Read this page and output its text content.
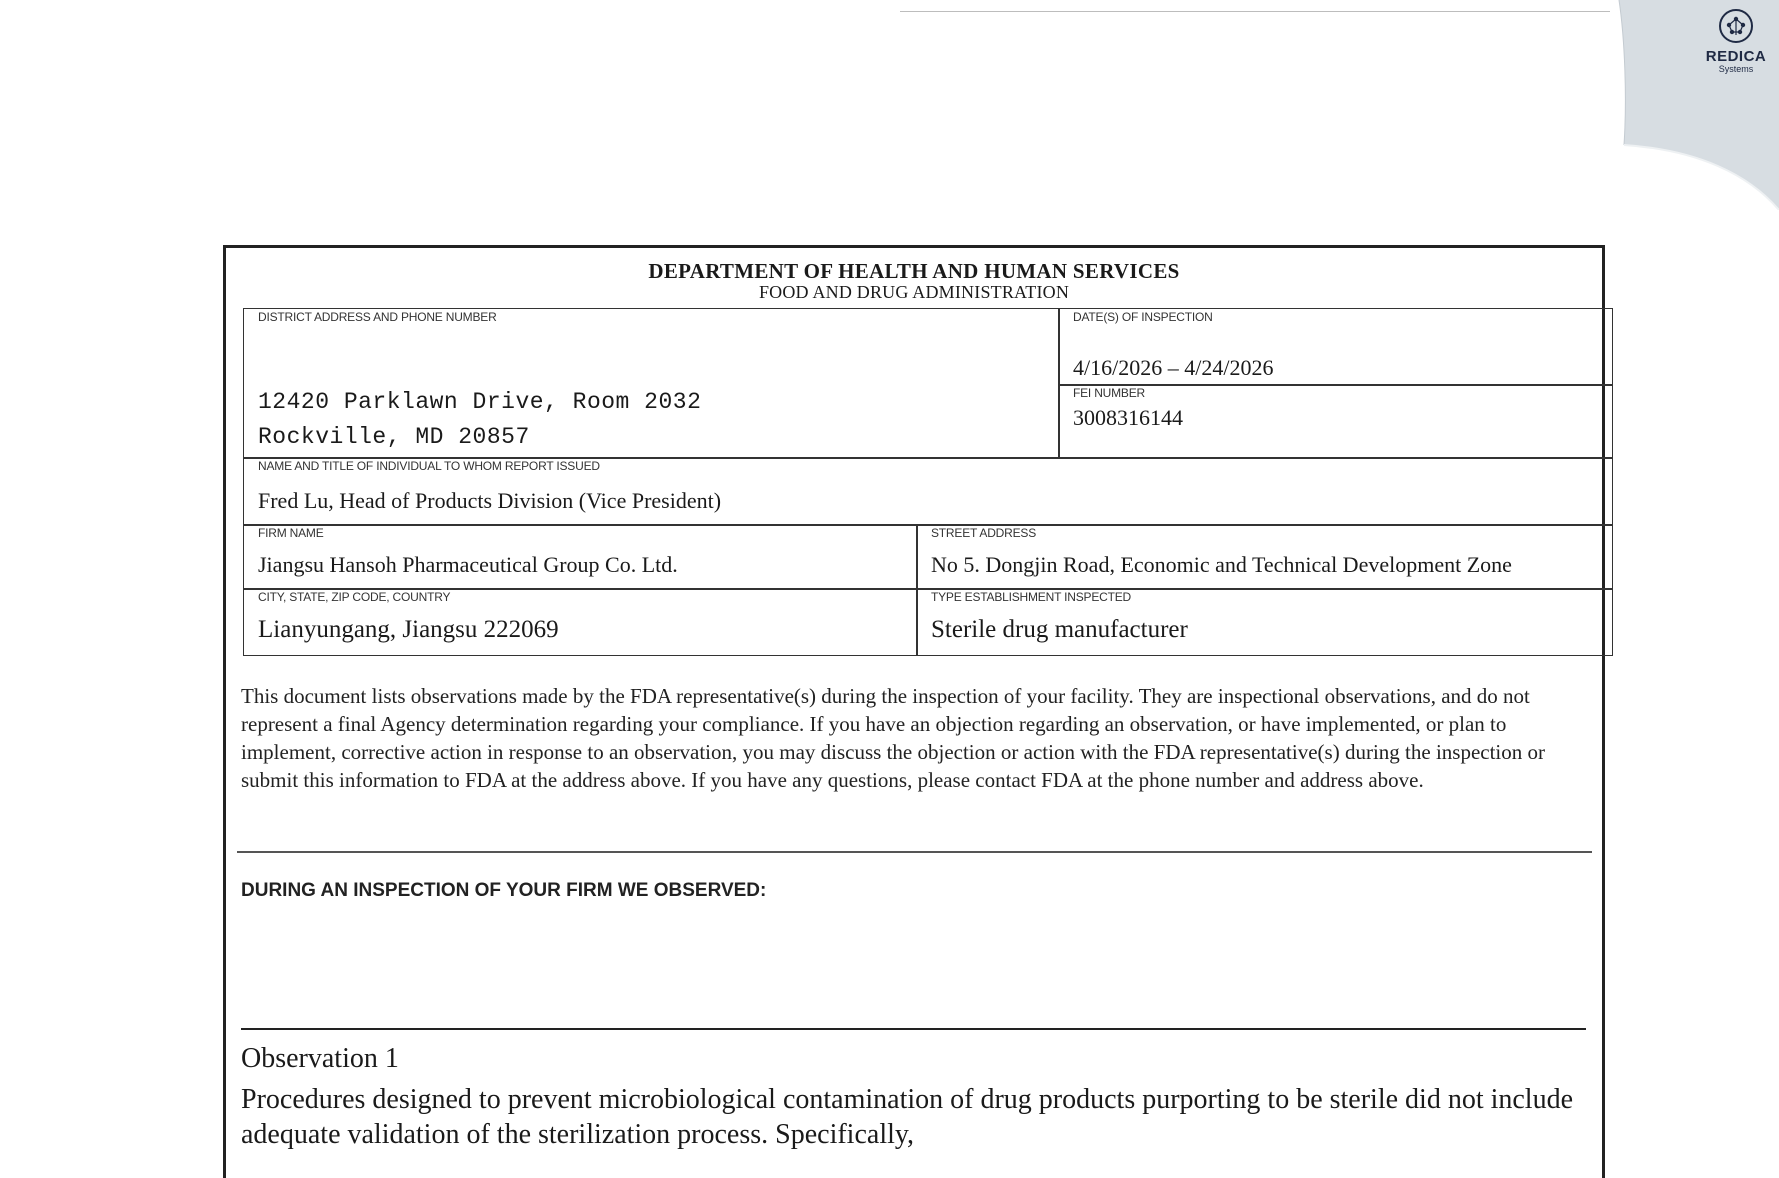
REDICA
Systems
DEPARTMENT OF HEALTH AND HUMAN SERVICES
FOOD AND DRUG ADMINISTRATION
DISTRICT ADDRESS AND PHONE NUMBER
12420 Parklawn Drive, Room 2032
Rockville, MD 20857
DATE(S) OF INSPECTION
4/16/2026 – 4/24/2026
FEI NUMBER
3008316144
NAME AND TITLE OF INDIVIDUAL TO WHOM REPORT ISSUED
Fred Lu, Head of Products Division (Vice President)
FIRM NAME
Jiangsu Hansoh Pharmaceutical Group Co. Ltd.
STREET ADDRESS
No 5. Dongjin Road, Economic and Technical Development Zone
CITY, STATE, ZIP CODE, COUNTRY
Lianyungang, Jiangsu 222069
TYPE ESTABLISHMENT INSPECTED
Sterile drug manufacturer
This document lists observations made by the FDA representative(s) during the inspection of your facility. They are inspectional observations, and do not represent a final Agency determination regarding your compliance. If you have an objection regarding an observation, or have implemented, or plan to implement, corrective action in response to an observation, you may discuss the objection or action with the FDA representative(s) during the inspection or submit this information to FDA at the address above. If you have any questions, please contact FDA at the phone number and address above.
DURING AN INSPECTION OF YOUR FIRM WE OBSERVED:
Observation 1
Procedures designed to prevent microbiological contamination of drug products purporting to be sterile did not include adequate validation of the sterilization process. Specifically,
